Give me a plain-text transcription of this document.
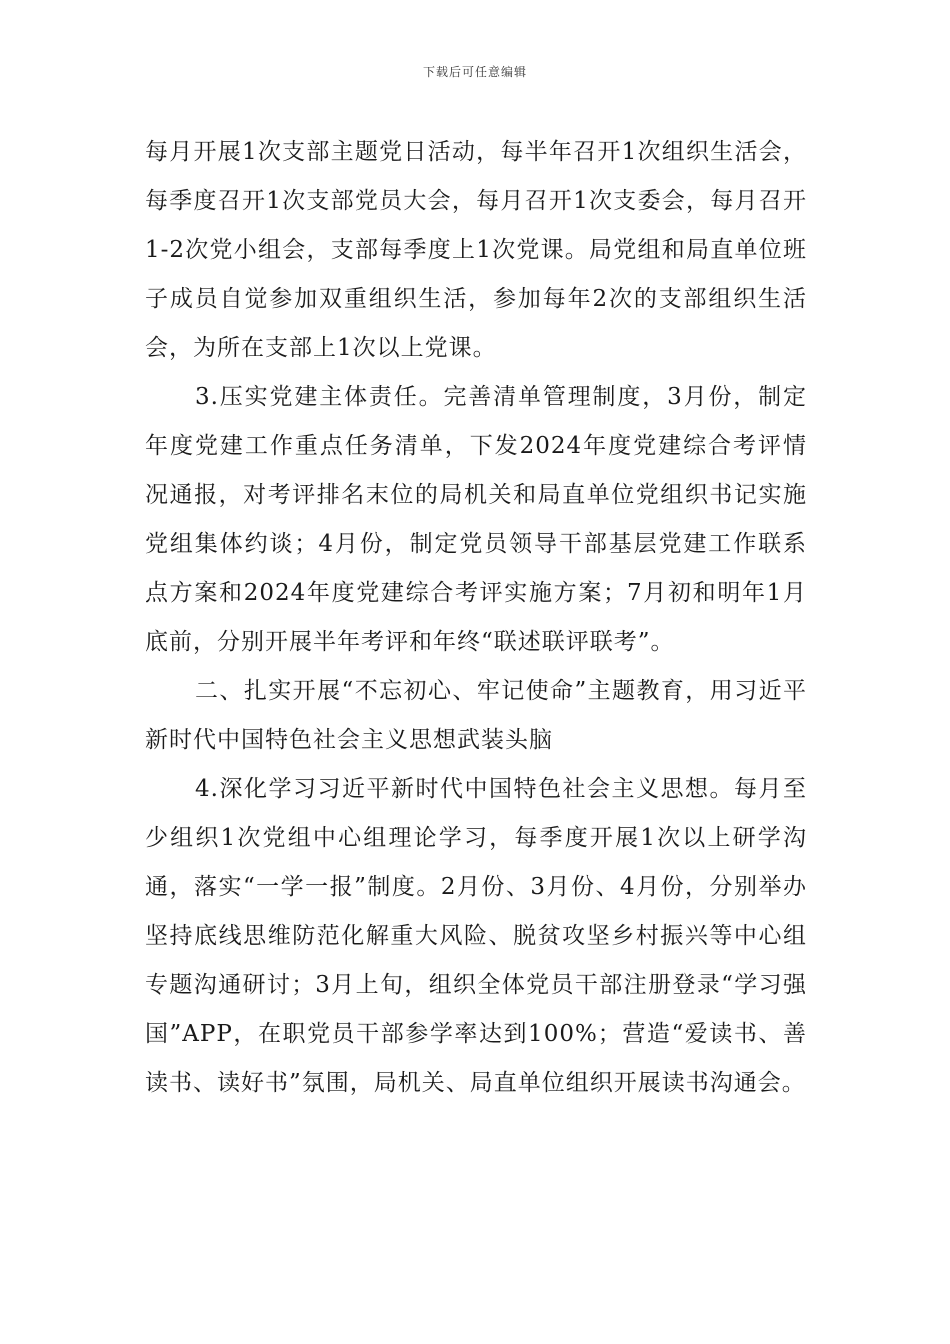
下载后可任意编辑

每月开展1次支部主题党日活动，每半年召开1次组织生活会，每季度召开1次支部党员大会，每月召开1次支委会，每月召开1-2次党小组会，支部每季度上1次党课。局党组和局直单位班子成员自觉参加双重组织生活，参加每年2次的支部组织生活会，为所在支部上1次以上党课。

3.压实党建主体责任。完善清单管理制度，3月份，制定年度党建工作重点任务清单，下发2024年度党建综合考评情况通报，对考评排名末位的局机关和局直单位党组织书记实施党组集体约谈；4月份，制定党员领导干部基层党建工作联系点方案和2024年度党建综合考评实施方案；7月初和明年1月底前，分别开展半年考评和年终“联述联评联考”。

二、扎实开展“不忘初心、牢记使命”主题教育，用习近平新时代中国特色社会主义思想武装头脑

4.深化学习习近平新时代中国特色社会主义思想。每月至少组织1次党组中心组理论学习，每季度开展1次以上研学沟通，落实“一学一报”制度。2月份、3月份、4月份，分别举办坚持底线思维防范化解重大风险、脱贫攻坚乡村振兴等中心组专题沟通研讨；3月上旬，组织全体党员干部注册登录“学习强国”APP，在职党员干部参学率达到100%；营造“爱读书、善读书、读好书”氛围，局机关、局直单位组织开展读书沟通会。
